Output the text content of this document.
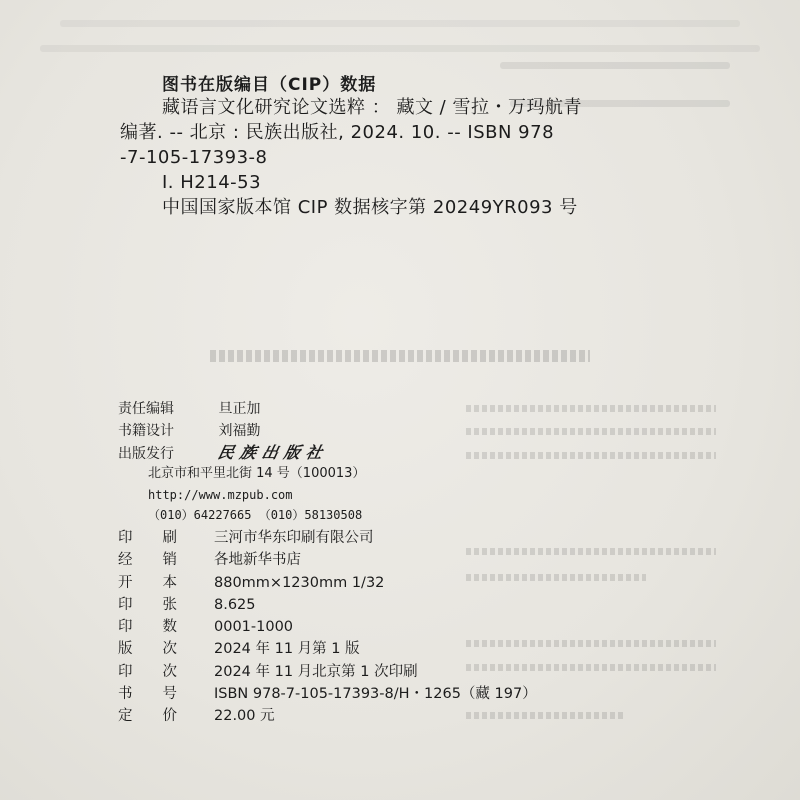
图书在版编目（CIP）数据
藏语言文化研究论文选粹 ： 藏文 / 雪拉・万玛航青
编著. -- 北京 : 民族出版社, 2024. 10. -- ISBN 978
-7-105-17393-8
Ⅰ. H214-53
中国国家版本馆 CIP 数据核字第 20249YR093 号
责任编辑	旦正加
书籍设计	刘福勤
出版发行	民族出版社
北京市和平里北街 14 号（100013）
http://www.mzpub.com
（010）64227665 （010）58130508
印刷 三河市华东印刷有限公司
经销 各地新华书店
开本 880mm×1230mm 1/32
印张 8.625
印数 0001-1000
版次 2024 年 11 月第 1 版
印次 2024 年 11 月北京第 1 次印刷
书号 ISBN 978-7-105-17393-8/H・1265（藏 197）
定价 22.00 元
